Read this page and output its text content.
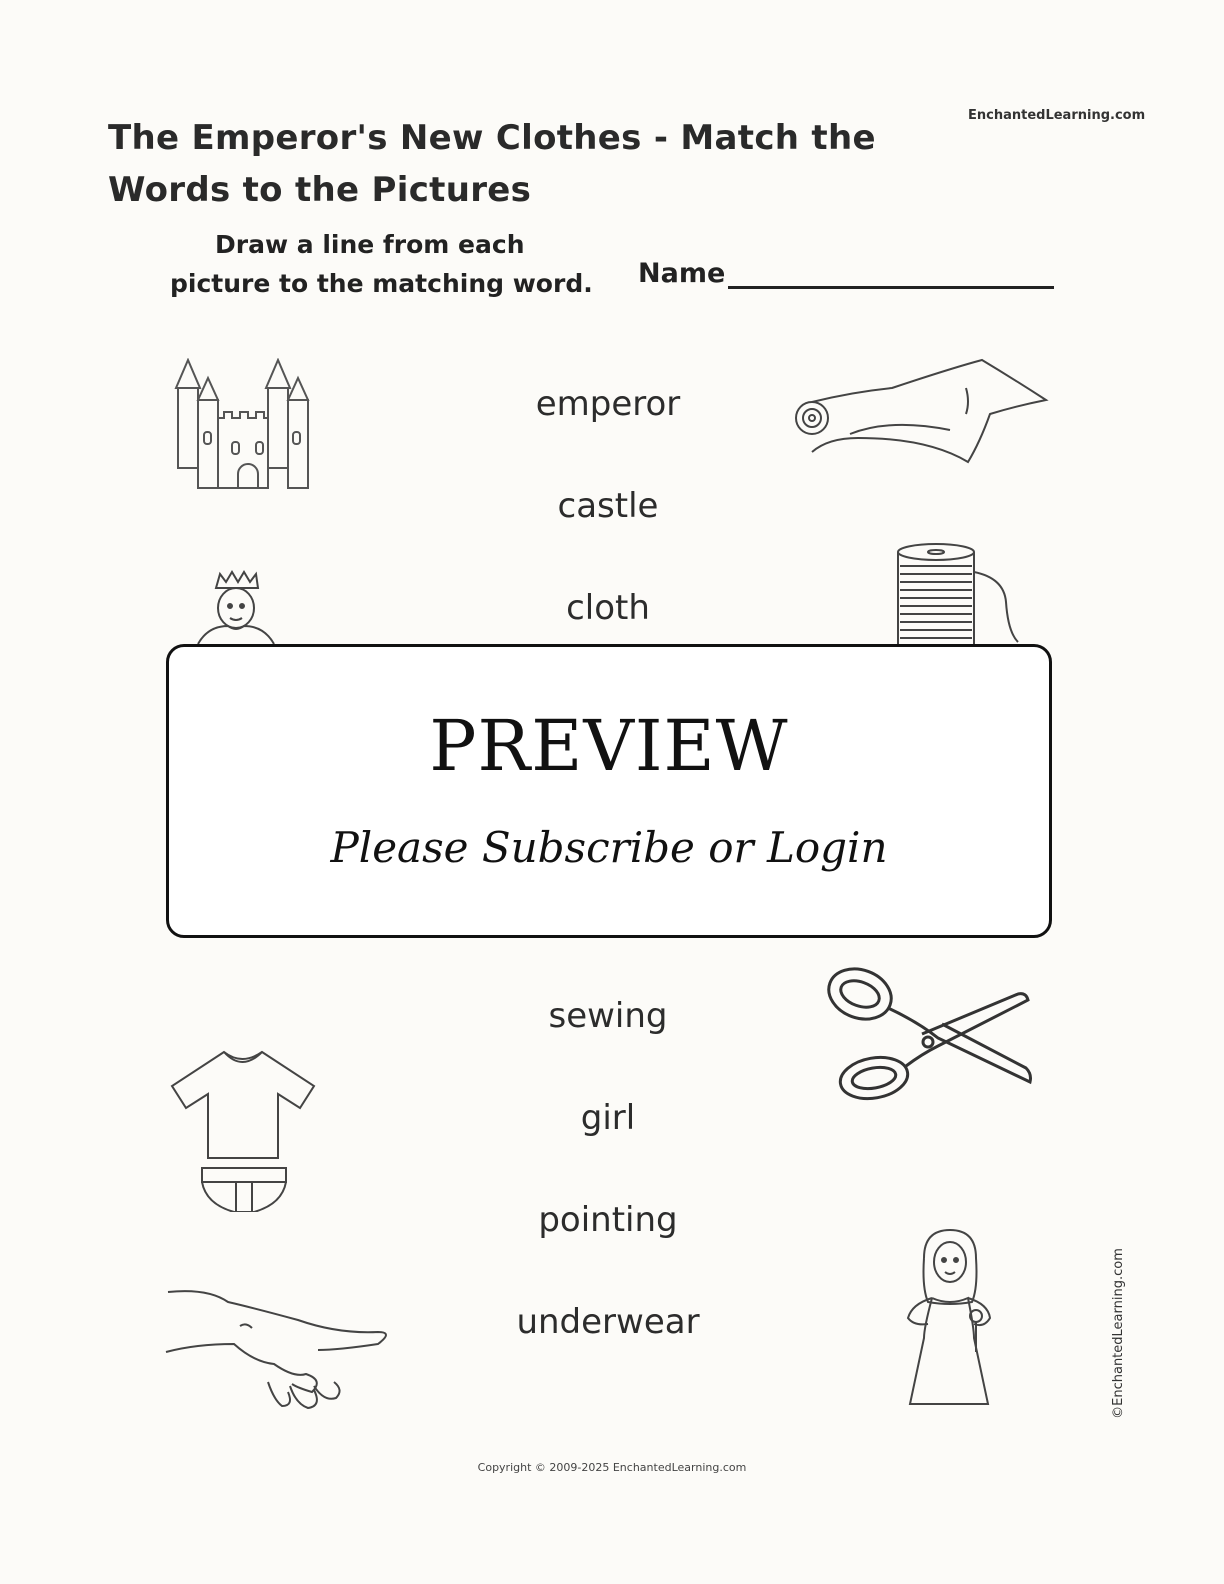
EnchantedLearning.com
The Emperor's New Clothes - Match the Words to the Pictures
Draw a line from each
picture to the matching word. Name
emperor
castle
cloth
sewing
girl
pointing
underwear
PREVIEW
Please Subscribe or Login
©EnchantedLearning.com
Copyright © 2009-2025 EnchantedLearning.com
